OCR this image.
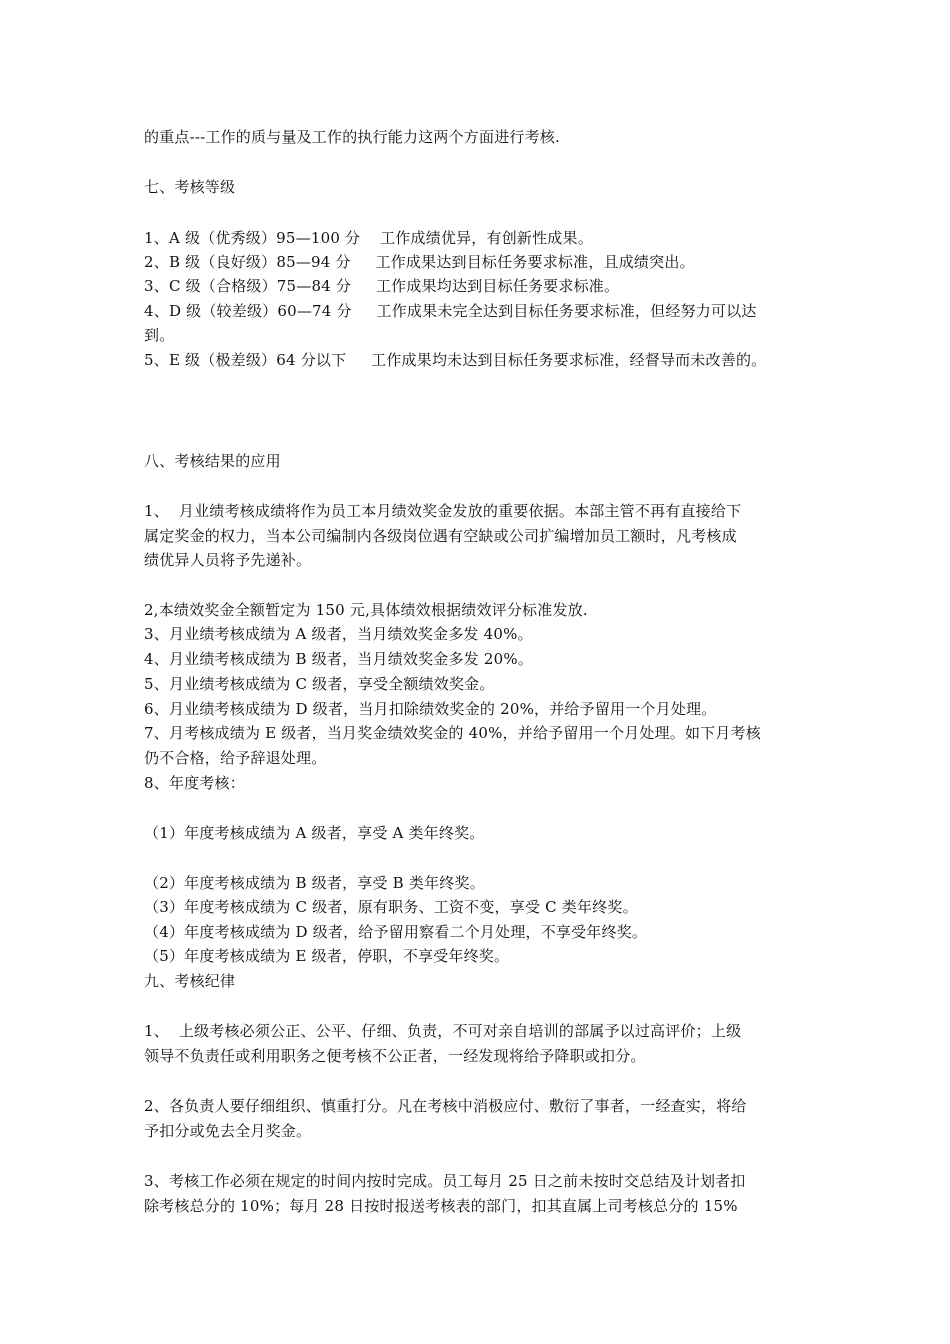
的重点---工作的质与量及工作的执行能力这两个方面进行考核.
七、考核等级
1、A 级（优秀级）95—100 分    工作成绩优异，有创新性成果。
2、B 级（良好级）85—94 分     工作成果达到目标任务要求标准，且成绩突出。
3、C 级（合格级）75—84 分     工作成果均达到目标任务要求标准。
4、D 级（较差级）60—74 分     工作成果未完全达到目标任务要求标准，但经努力可以达
到。
5、E 级（极差级）64 分以下     工作成果均未达到目标任务要求标准，经督导而未改善的。
八、考核结果的应用
1、  月业绩考核成绩将作为员工本月绩效奖金发放的重要依据。本部主管不再有直接给下
属定奖金的权力，当本公司编制内各级岗位遇有空缺或公司扩编增加员工额时，凡考核成
绩优异人员将予先递补。
2,本绩效奖金全额暂定为 150 元,具体绩效根据绩效评分标准发放.
3、月业绩考核成绩为 A 级者，当月绩效奖金多发 40%。
4、月业绩考核成绩为 B 级者，当月绩效奖金多发 20%。
5、月业绩考核成绩为 C 级者，享受全额绩效奖金。
6、月业绩考核成绩为 D 级者，当月扣除绩效奖金的 20%，并给予留用一个月处理。
7、月考核成绩为 E 级者，当月奖金绩效奖金的 40%，并给予留用一个月处理。如下月考核
仍不合格，给予辞退处理。
8、年度考核：
（1）年度考核成绩为 A 级者，享受 A 类年终奖。
（2）年度考核成绩为 B 级者，享受 B 类年终奖。
（3）年度考核成绩为 C 级者，原有职务、工资不变，享受 C 类年终奖。
（4）年度考核成绩为 D 级者，给予留用察看二个月处理，不享受年终奖。
（5）年度考核成绩为 E 级者，停职，不享受年终奖。
九、考核纪律
1、  上级考核必须公正、公平、仔细、负责，不可对亲自培训的部属予以过高评价；上级
领导不负责任或利用职务之便考核不公正者，一经发现将给予降职或扣分。
2、各负责人要仔细组织、慎重打分。凡在考核中消极应付、敷衍了事者，一经查实，将给
予扣分或免去全月奖金。
3、考核工作必须在规定的时间内按时完成。员工每月 25 日之前未按时交总结及计划者扣
除考核总分的 10%；每月 28 日按时报送考核表的部门，扣其直属上司考核总分的 15%
